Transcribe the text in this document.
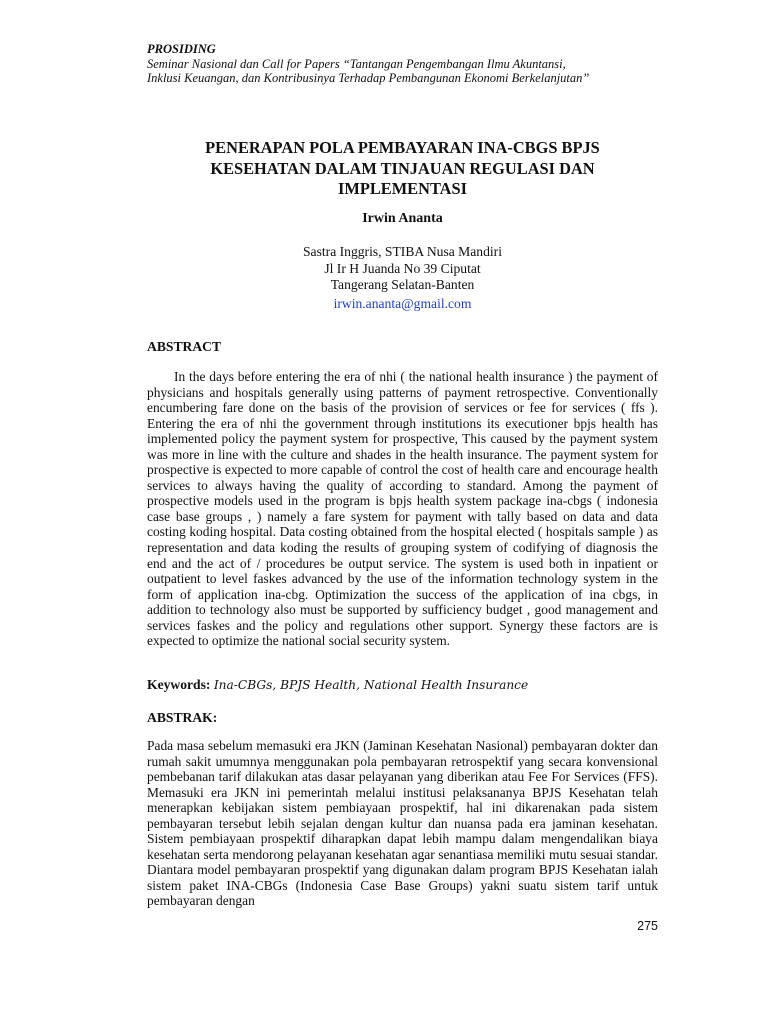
PROSIDING
Seminar Nasional dan Call for Papers “Tantangan Pengembangan Ilmu Akuntansi,
Inklusi Keuangan, dan Kontribusinya Terhadap Pembangunan Ekonomi Berkelanjutan”
PENERAPAN POLA PEMBAYARAN INA-CBGS BPJS
KESEHATAN DALAM TINJAUAN REGULASI DAN
IMPLEMENTASI
Irwin Ananta
Sastra Inggris, STIBA Nusa Mandiri
Jl Ir H Juanda No 39 Ciputat
Tangerang Selatan-Banten
irwin.ananta@gmail.com
ABSTRACT

In the days before entering the era of nhi ( the national health insurance ) the payment of physicians and hospitals generally using patterns of payment retrospective. Conventionally encumbering fare done on the basis of the provision of services or fee for services ( ffs ). Entering the era of nhi the government through institutions its executioner bpjs health has implemented policy the payment system for prospective, This caused by the payment system was more in line with the culture and shades in the health insurance. The payment system for prospective is expected to more capable of control the cost of health care and encourage health services to always having the quality of according to standard. Among the payment of prospective models used in the program is bpjs health system package ina-cbgs ( indonesia case base groups , ) namely a fare system for payment with tally based on data and data costing koding hospital. Data costing obtained from the hospital elected ( hospitals sample ) as representation and data koding the results of grouping system of codifying of diagnosis the end and the act of / procedures be output service. The system is used both in inpatient or outpatient to level faskes advanced by the use of the information technology system in the form of application ina-cbg. Optimization the success of the application of ina cbgs, in addition to technology also must be supported by sufficiency budget , good management and services faskes and the policy and regulations other support. Synergy these factors are is expected to optimize the national social security system.

Keywords: Ina-CBGs, BPJS Health, National Health Insurance
ABSTRAK:

Pada masa sebelum memasuki era JKN (Jaminan Kesehatan Nasional) pembayaran dokter dan rumah sakit umumnya menggunakan pola pembayaran retrospektif yang secara konvensional pembebanan tarif dilakukan atas dasar pelayanan yang diberikan atau Fee For Services (FFS). Memasuki era JKN ini pemerintah melalui institusi pelaksananya BPJS Kesehatan telah menerapkan kebijakan sistem pembiayaan prospektif, hal ini dikarenakan pada sistem pembayaran tersebut lebih sejalan dengan kultur dan nuansa pada era jaminan kesehatan. Sistem pembiayaan prospektif diharapkan dapat lebih mampu dalam mengendalikan biaya kesehatan serta mendorong pelayanan kesehatan agar senantiasa memiliki mutu sesuai standar. Diantara model pembayaran prospektif yang digunakan dalam program BPJS Kesehatan ialah sistem paket INA-CBGs (Indonesia Case Base Groups) yakni suatu sistem tarif untuk pembayaran dengan

275
